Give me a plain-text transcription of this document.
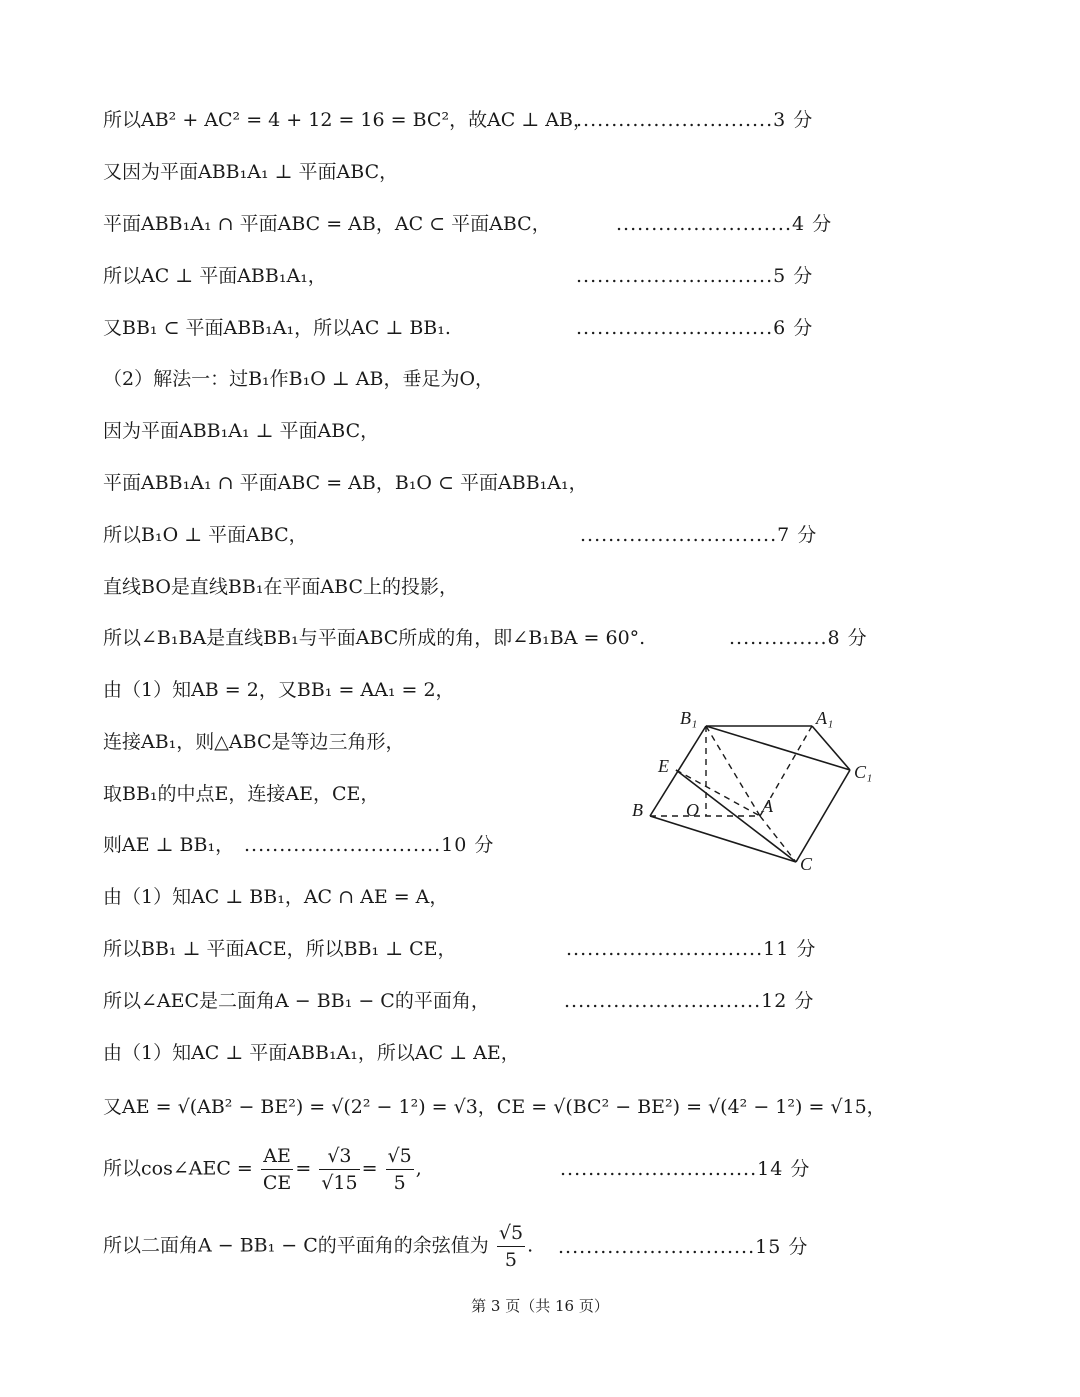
所以AB² + AC² = 4 + 12 = 16 = BC²，故AC ⊥ AB，
............................3 分
又因为平面ABB₁A₁ ⊥ 平面ABC，
平面ABB₁A₁ ∩ 平面ABC = AB，AC ⊂ 平面ABC，	.........................4 分
所以AC ⊥ 平面ABB₁A₁，	............................5 分
又BB₁ ⊂ 平面ABB₁A₁，所以AC ⊥ BB₁.	............................6 分
（2）解法一：过B₁作B₁O ⊥ AB，垂足为O，
因为平面ABB₁A₁ ⊥ 平面ABC，
平面ABB₁A₁ ∩ 平面ABC = AB，B₁O ⊂ 平面ABB₁A₁，
所以B₁O ⊥ 平面ABC，	............................7 分
直线BO是直线BB₁在平面ABC上的投影，
所以∠B₁BA是直线BB₁与平面ABC所成的角，即∠B₁BA = 60°.	..............8 分
由（1）知AB = 2，又BB₁ = AA₁ = 2，
连接AB₁，则△ABC是等边三角形，
取BB₁的中点E，连接AE，CE，
则AE ⊥ BB₁， ............................10 分
由（1）知AC ⊥ BB₁，AC ∩ AE = A，
所以BB₁ ⊥ 平面ACE，所以BB₁ ⊥ CE，	............................11 分
所以∠AEC是二面角A − BB₁ − C的平面角，	............................12 分
由（1）知AC ⊥ 平面ABB₁A₁，所以AC ⊥ AE，
又AE = √(AB² − BE²) = √(2² − 1²) = √3，CE = √(BC² − BE²) = √(4² − 1²) = √15，
所以cos∠AEC = $\frac{AE}{CE} = \frac{√3}{√15} = \frac{√5}{5}$ ,	............................14 分
所以二面角A − BB₁ − C的平面角的余弦值为 $\frac{√5}{5}$ . ............................15 分
B₁	A₁
C₁
E
B O	A
C
第 3 页（共 16 页）
